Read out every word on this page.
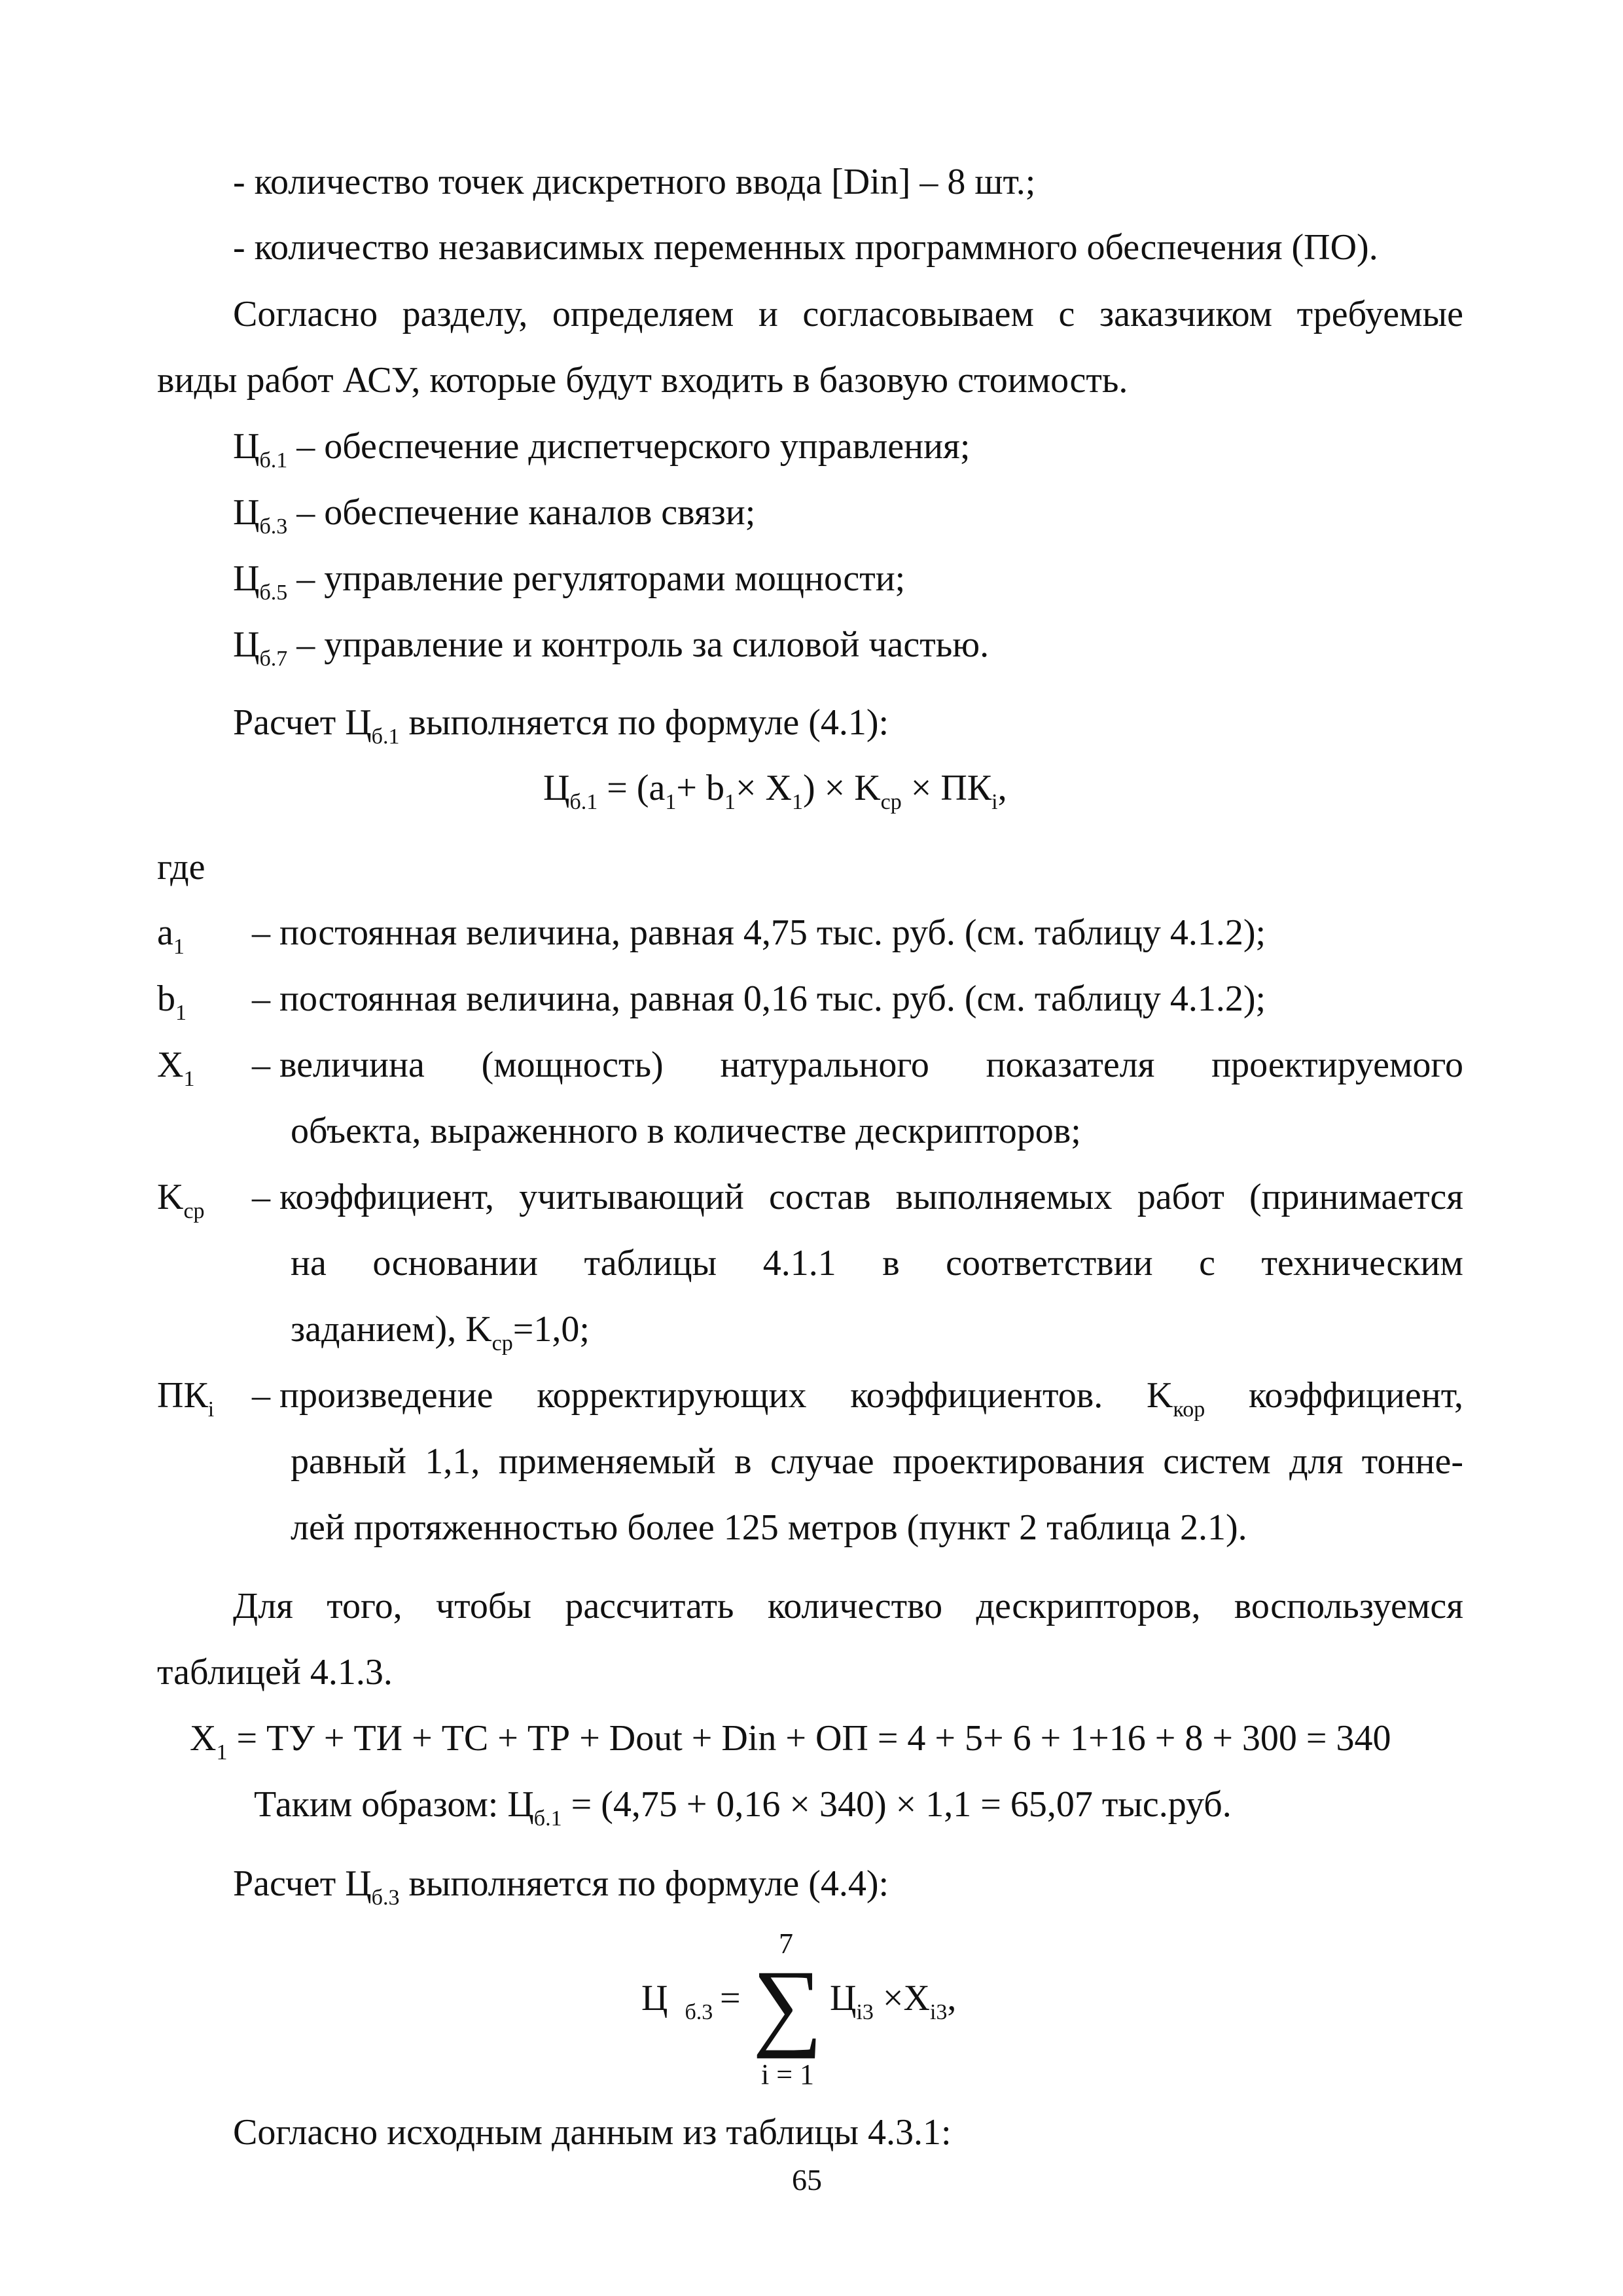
- количество точек дискретного ввода [Din] – 8 шт.;
- количество независимых переменных программного обеспечения (ПО).
Согласно разделу, определяем и согласовываем с заказчиком требуемые
виды работ АСУ, которые будут входить в базовую стоимость.
$Ц_{б.1}$ – обеспечение диспетчерского управления;
$Ц_{б.3}$ – обеспечение каналов связи;
$Ц_{б.5}$ – управление регуляторами мощности;
$Ц_{б.7}$ – управление и контроль за силовой частью.
Расчет $Ц_{б.1}$ выполняется по формуле (4.1):
$Ц_{б.1} = (a_1+ b_1\times X_1) \times K_{ср} \times ПК_i$,
где
$a_1$ – постоянная величина, равная 4,75 тыс. руб. (см. таблицу 4.1.2);
$b_1$ – постоянная величина, равная 0,16 тыс. руб. (см. таблицу 4.1.2);
$X_1$ – величина (мощность) натурального показателя проектируемого
объекта, выраженного в количестве дескрипторов;
$K_{ср}$ – коэффициент, учитывающий состав выполняемых работ (принимается
на основании таблицы 4.1.1 в соответствии с техническим
заданием), $K_{ср}=1,0$;
$ПК_i$ – произведение корректирующих коэффициентов. Kкор коэффициент,
равный 1,1, применяемый в случае проектирования систем для тонне-
лей протяженностью более 125 метров (пункт 2 таблица 2.1).
Для того, чтобы рассчитать количество дескрипторов, воспользуемся
таблицей 4.1.3.
$X_1$ = ТУ + ТИ + ТС + ТР + Dout + Din + ОП = 4 + 5+ 6 + 1+16 + 8 + 300 = 340
Таким образом: $Ц_{б.1} = (4,75 + 0,16 \times 340) \times 1,1 = 65,07$ тыс.руб.
Расчет $Ц_{б.3}$ выполняется по формуле (4.4):
Ц $_{б.3}$ =
7
∑
i = 1
$Ц_{i3} \times X_{i3}$,
Согласно исходным данным из таблицы 4.3.1:
65
